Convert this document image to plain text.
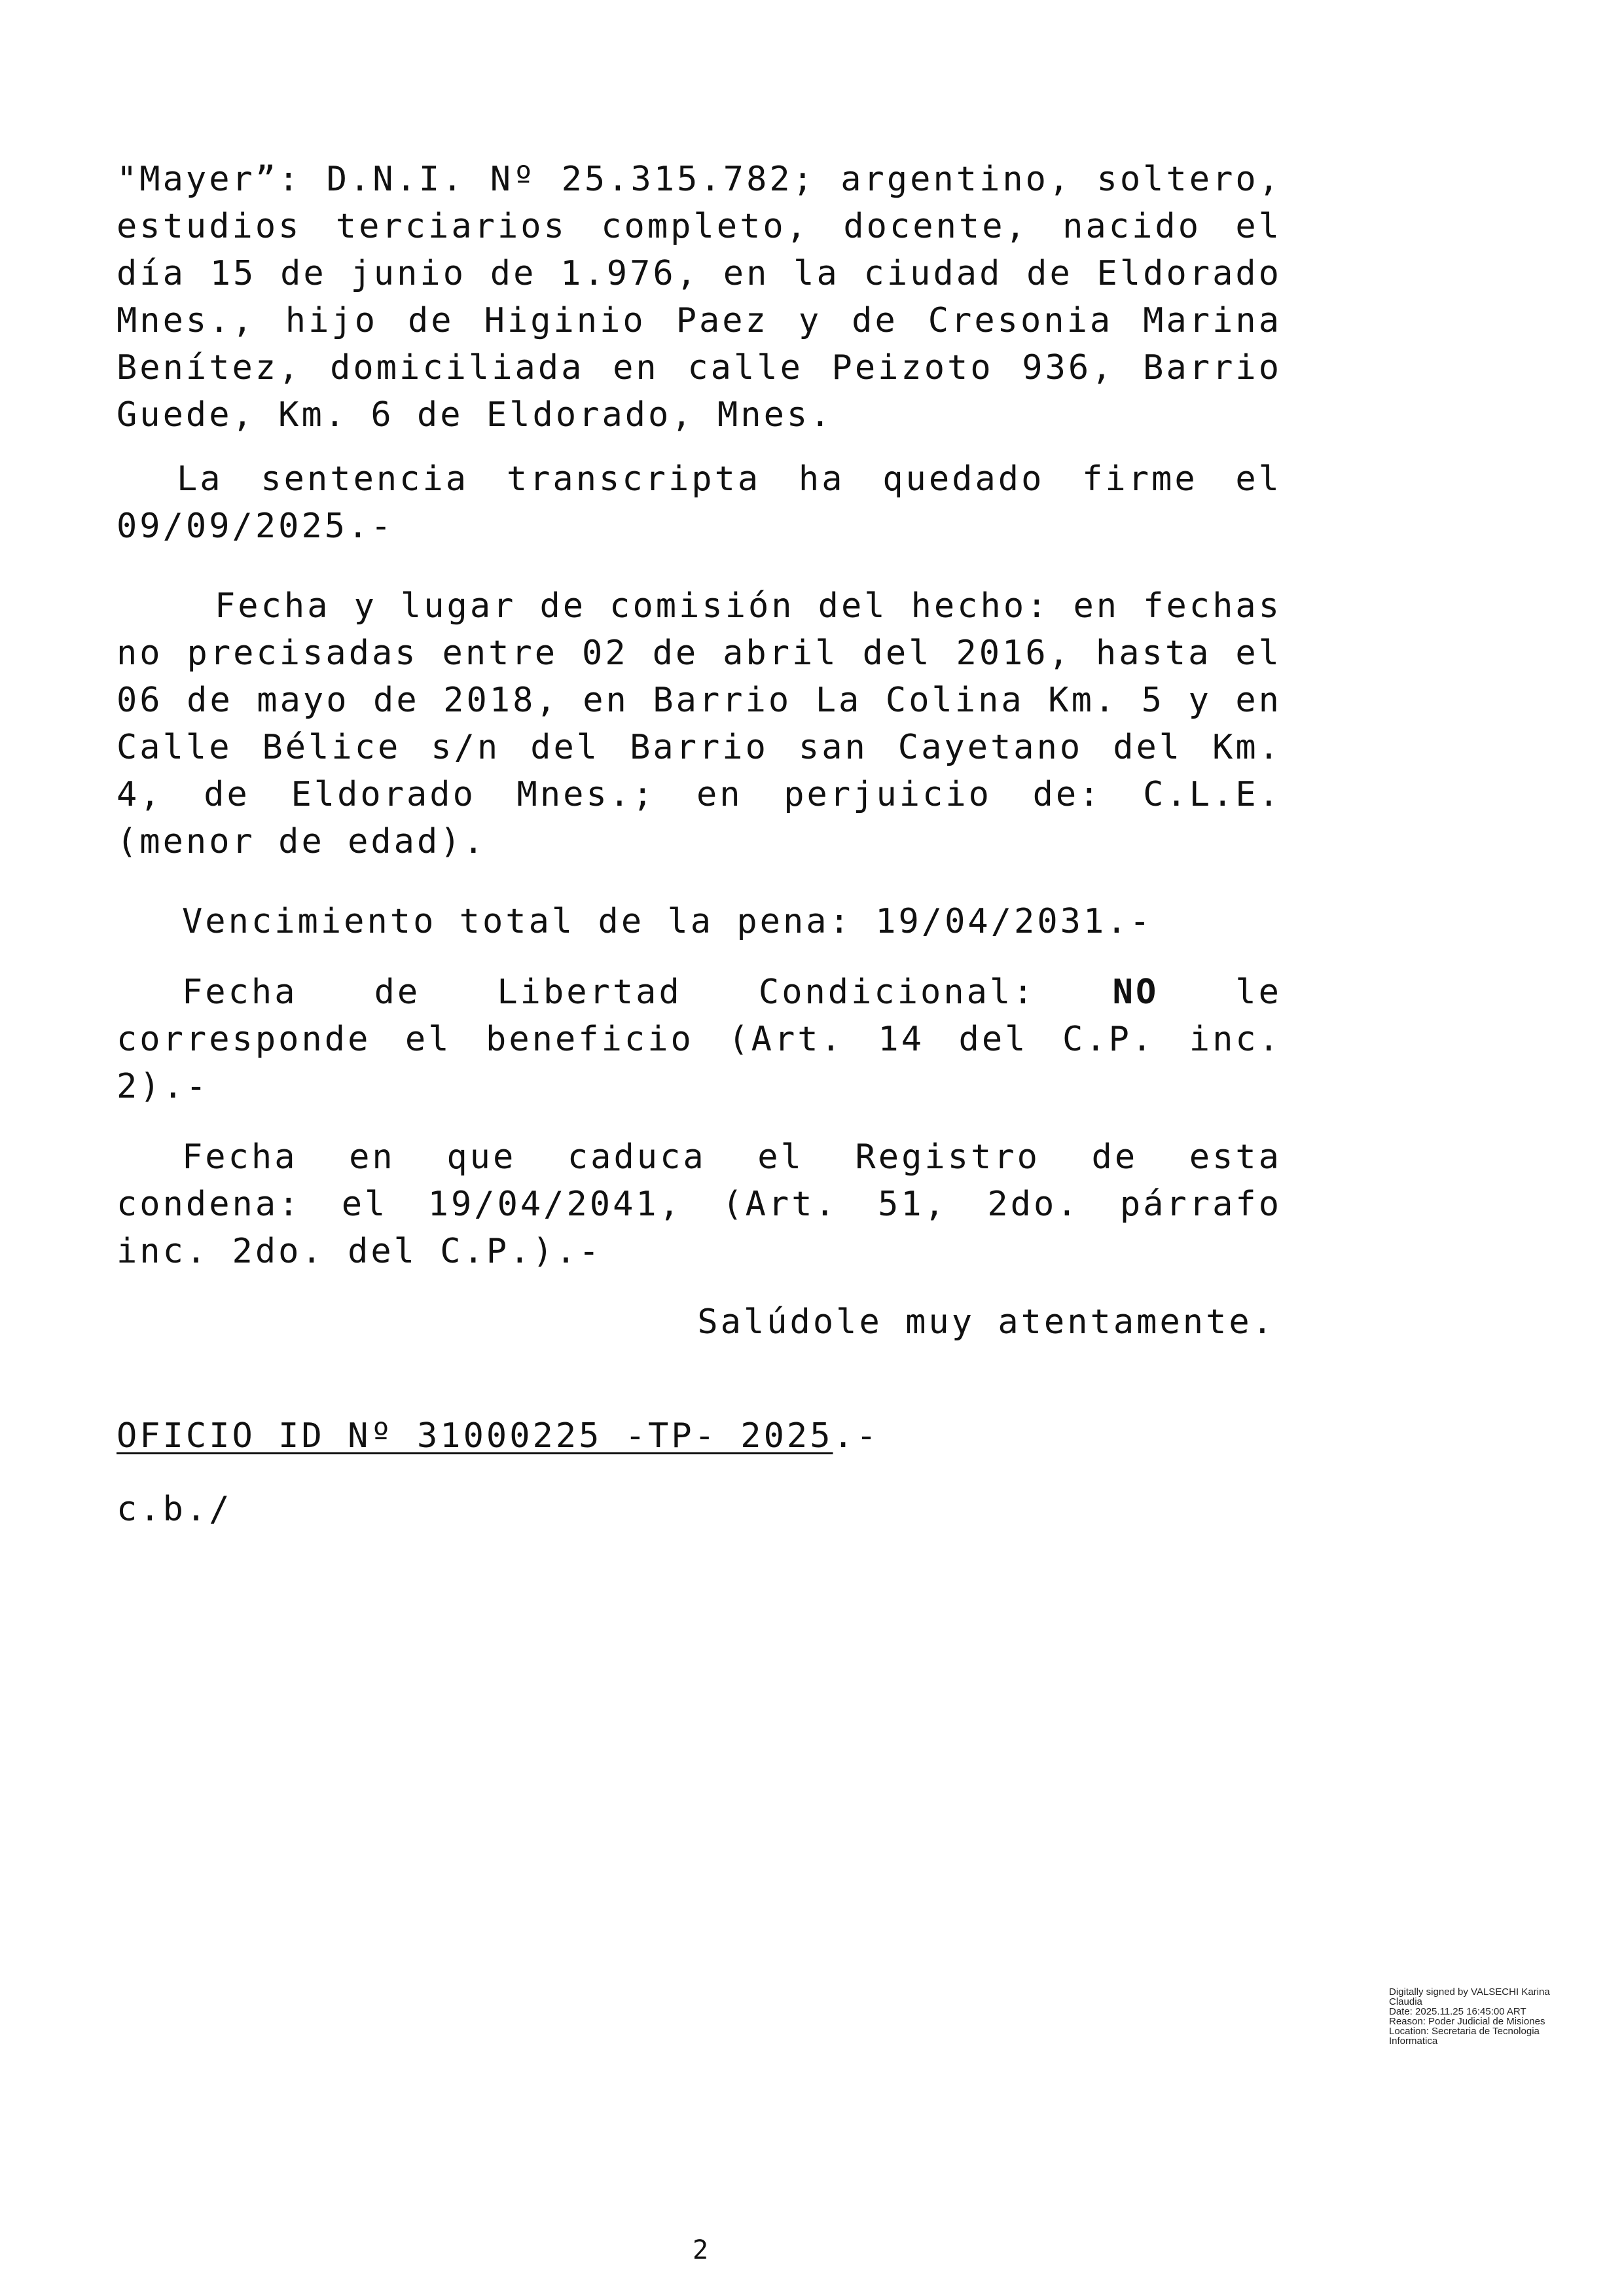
"Mayer”: D.N.I. Nº 25.315.782; argentino, soltero, estudios terciarios completo, docente, nacido el día 15 de junio de 1.976, en la ciudad de Eldorado Mnes., hijo de Higinio Paez y de Cresonia Marina Benítez, domiciliada en calle Peizoto 936, Barrio Guede, Km. 6 de Eldorado, Mnes.

La sentencia transcripta ha quedado firme el 09/09/2025.-

Fecha y lugar de comisión del hecho: en fechas no precisadas entre 02 de abril del 2016, hasta el 06 de mayo de 2018, en Barrio La Colina Km. 5 y en Calle Bélice s/n del Barrio san Cayetano del Km. 4, de Eldorado Mnes.; en perjuicio de: C.L.E. (menor de edad).

Vencimiento total de la pena: 19/04/2031.-

Fecha de Libertad Condicional: NO le corresponde el beneficio (Art. 14 del C.P. inc. 2).-

Fecha en que caduca el Registro de esta condena: el 19/04/2041, (Art. 51, 2do. párrafo inc. 2do. del C.P.).-

Salúdole muy atentamente.

OFICIO ID Nº 31000225 -TP- 2025.-

c.b./

Digitally signed by VALSECHI Karina
Claudia
Date: 2025.11.25 16:45:00 ART
Reason: Poder Judicial de Misiones
Location: Secretaria de Tecnologia
Informatica
2
